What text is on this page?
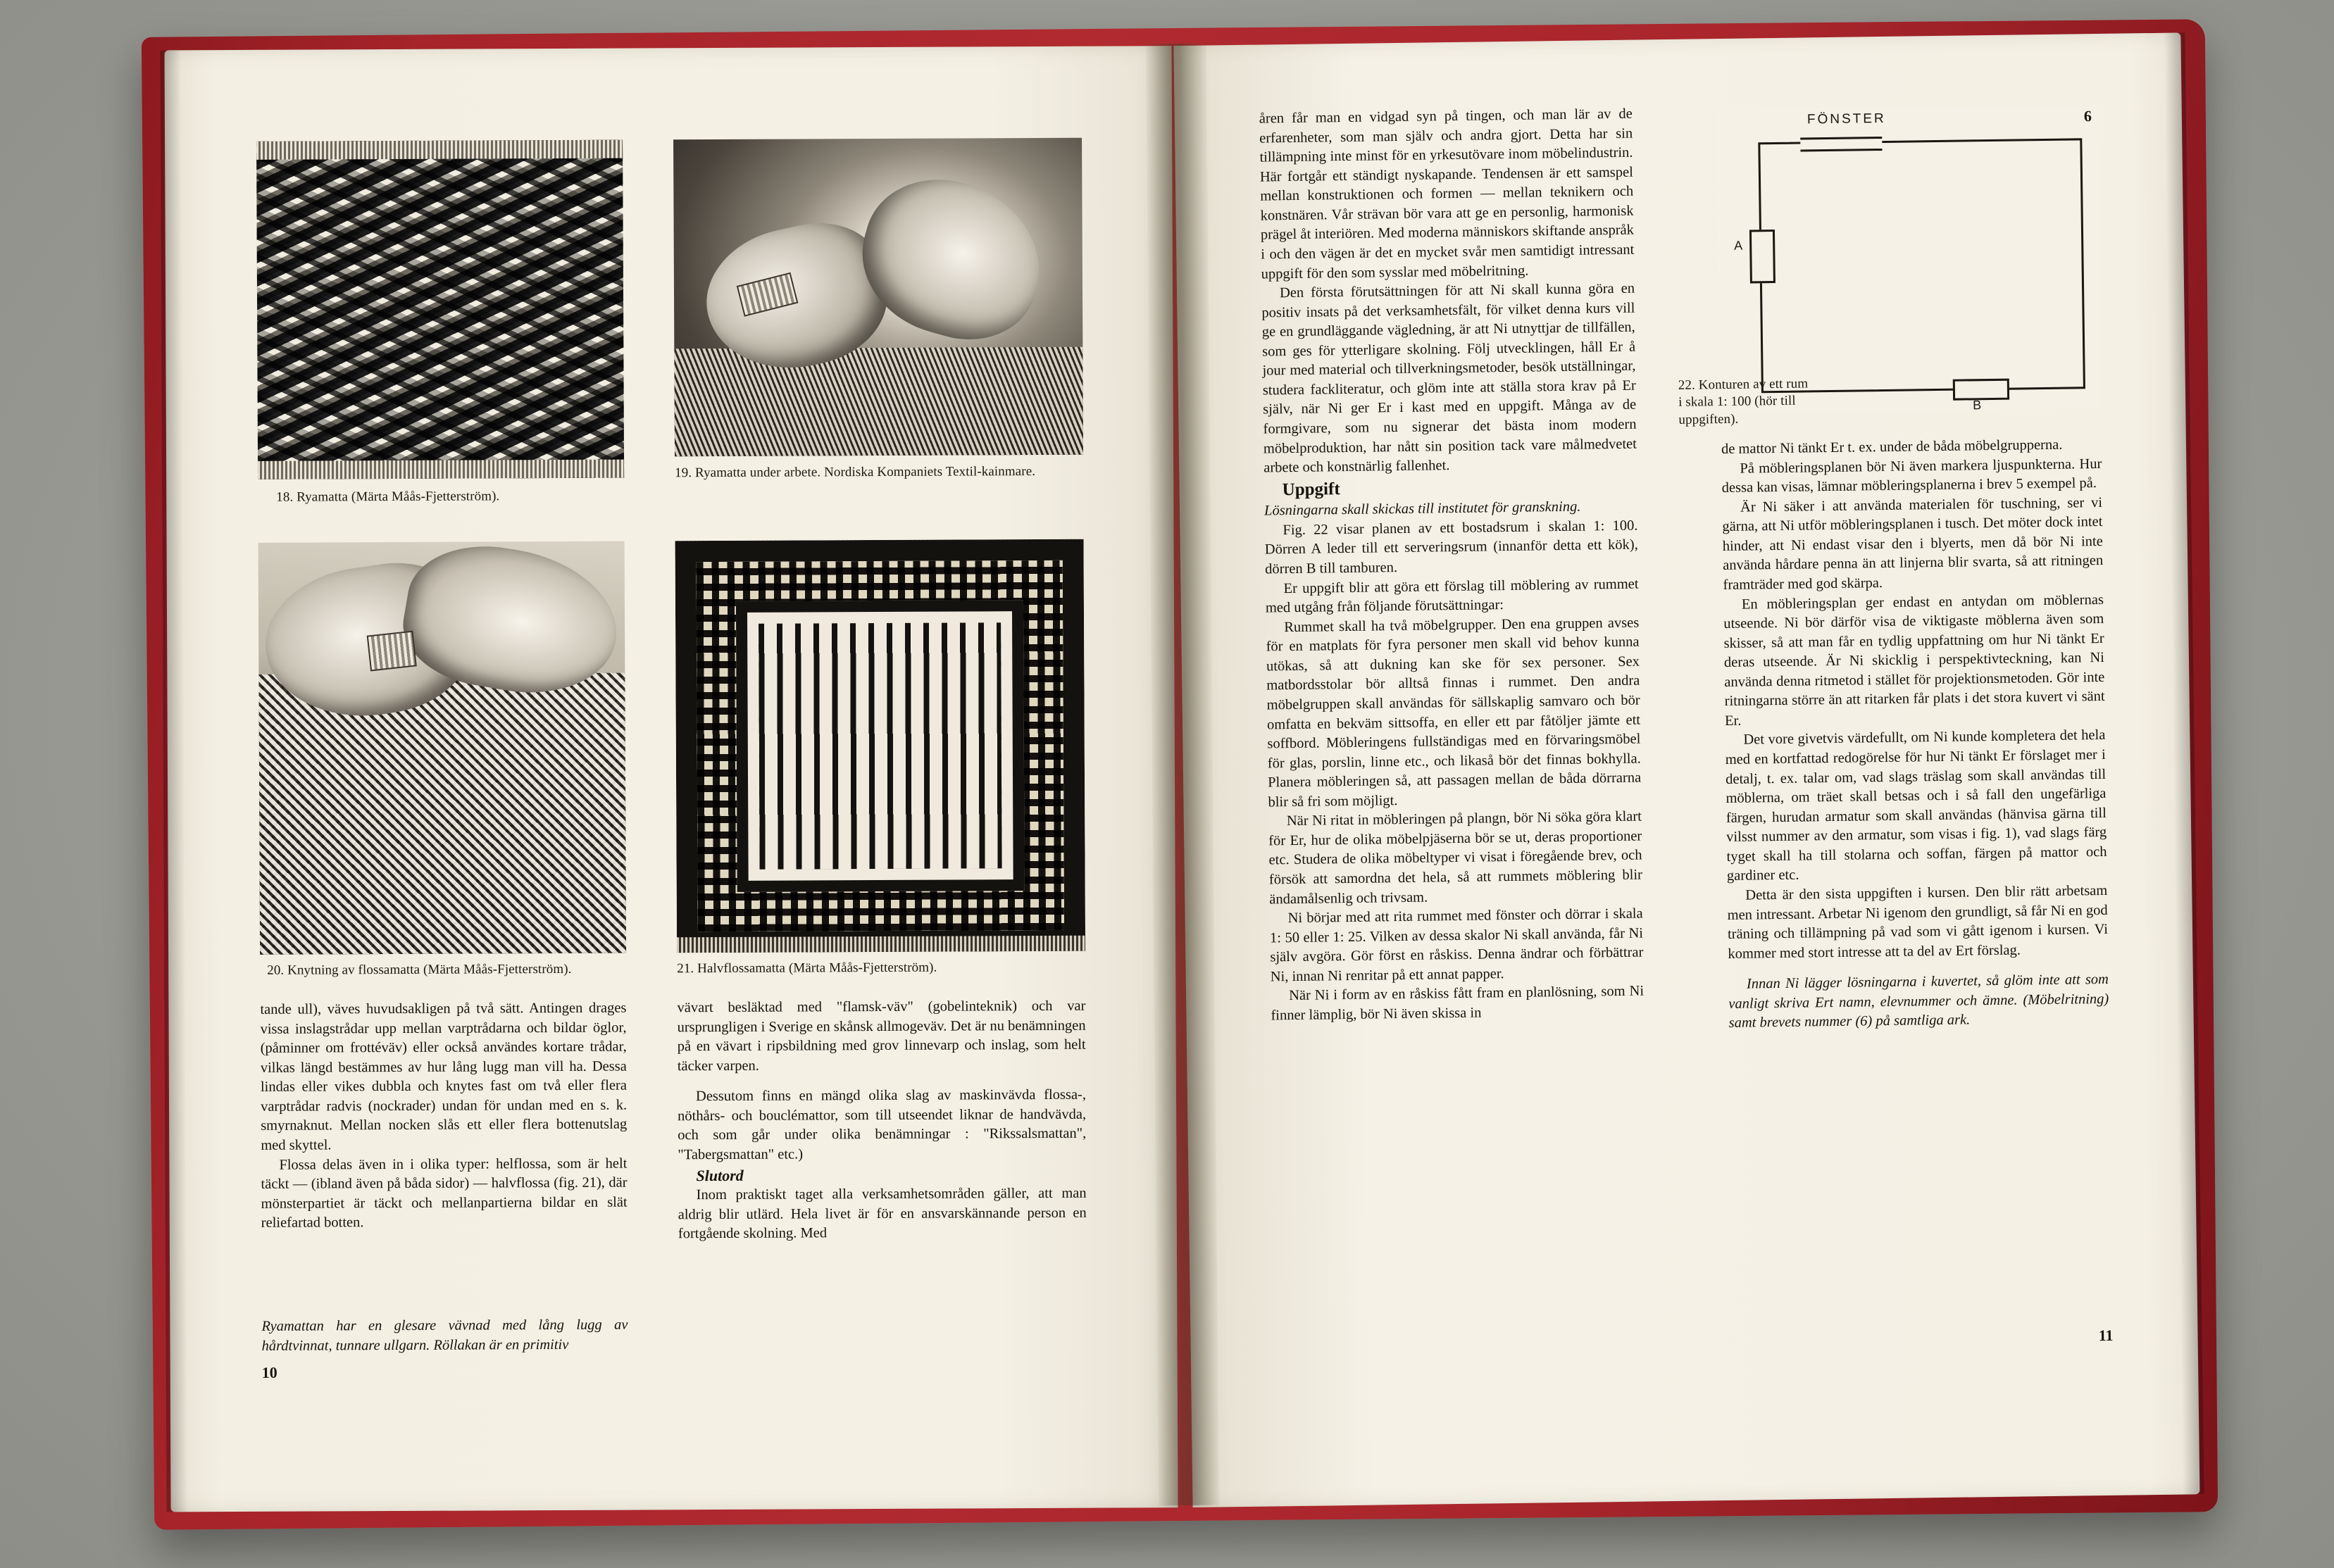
18. Ryamatta (Märta Måås-Fjetterström).
19. Ryamatta under arbete. Nordiska Kompaniets Textil-kainmare.
20. Knytning av flossamatta (Märta Måås-Fjetterström).	21. Halvflossamatta (Märta Måås-Fjetterström).

tande ull), väves huvudsakligen på två sätt. Antingen drages vissa inslagstrådar upp mellan varptrådarna och bildar öglor, (påminner om frottéväv) eller också användes kortare trådar, vilkas längd bestämmes av hur lång lugg man vill ha. Dessa lindas eller vikes dubbla och knytes fast om två eller flera varptrådar radvis (nockrader) undan för undan med en s. k. smyrnaknut. Mellan nocken slås ett eller flera bottenutslag med skyttel.

Flossa delas även in i olika typer: helflossa, som är helt täckt — (ibland även på båda sidor) — halvflossa (fig. 21), där mönsterpartiet är täckt och mellanpartierna bildar en slät reliefartad botten.

Ryamattan har en glesare vävnad med lång lugg av hårdtvinnat, tunnare ullgarn. Röllakan är en primitiv

vävart besläktad med "flamsk-väv" (gobelinteknik) och var ursprungligen i Sverige en skånsk allmogeväv. Det är nu benämningen på en vävart i ripsbildning med grov linnevarp och inslag, som helt täcker varpen.

Dessutom finns en mängd olika slag av maskinvävda flossa-, nöthårs- och bouclémattor, som till utseendet liknar de handvävda, och som går under olika benämningar : "Rikssalsmattan", "Tabergsmattan" etc.)

Slutord

Inom praktiskt taget alla verksamhetsområden gäller, att man aldrig blir utlärd. Hela livet är för en ansvarskännande person en fortgående skolning. Med

10

åren får man en vidgad syn på tingen, och man lär av de erfarenheter, som man själv och andra gjort. Detta har sin tillämpning inte minst för en yrkesutövare inom möbelindustrin. Här fortgår ett ständigt nyskapande. Tendensen är ett samspel mellan konstruktionen och formen — mellan teknikern och konstnären. Vår strävan bör vara att ge en personlig, harmonisk prägel åt interiören. Med moderna människors skiftande anspråk i och den vägen är det en mycket svår men samtidigt intressant uppgift för den som sysslar med möbelritning.

Den första förutsättningen för att Ni skall kunna göra en positiv insats på det verksamhetsfält, för vilket denna kurs vill ge en grundläggande vägledning, är att Ni utnyttjar de tillfällen, som ges för ytterligare skolning. Följ utvecklingen, håll Er å jour med material och tillverkningsmetoder, besök utställningar, studera fackliteratur, och glöm inte att ställa stora krav på Er själv, när Ni ger Er i kast med en uppgift. Många av de formgivare, som nu signerar det bästa inom modern möbelproduktion, har nått sin position tack vare målmedvetet arbete och konstnärlig fallenhet.

Uppgift

Lösningarna skall skickas till institutet för granskning.

Fig. 22 visar planen av ett bostadsrum i skalan 1: 100. Dörren A leder till ett serveringsrum (innanför detta ett kök), dörren B till tamburen.

Er uppgift blir att göra ett förslag till möblering av rummet med utgång från följande förutsättningar:

Rummet skall ha två möbelgrupper. Den ena gruppen avses för en matplats för fyra personer men skall vid behov kunna utökas, så att dukning kan ske för sex personer. Sex matbordsstolar bör alltså finnas i rummet. Den andra möbelgruppen skall användas för sällskaplig samvaro och bör omfatta en bekväm sittsoffa, en eller ett par fåtöljer jämte ett soffbord. Möbleringens fullständigas med en förvaringsmöbel för glas, porslin, linne etc., och likaså bör det finnas bokhylla. Planera möbleringen så, att passagen mellan de båda dörrarna blir så fri som möjligt.

När Ni ritat in möbleringen på plangn, bör Ni söka göra klart för Er, hur de olika möbelpjäserna bör se ut, deras proportioner etc. Studera de olika möbeltyper vi visat i föregående brev, och försök att samordna det hela, så att rummets möblering blir ändamålsenlig och trivsam.

Ni börjar med att rita rummet med fönster och dörrar i skala 1: 50 eller 1: 25. Vilken av dessa skalor Ni skall använda, får Ni själv avgöra. Gör först en råskiss. Denna ändrar och förbättrar Ni, innan Ni renritar på ett annat papper.

När Ni i form av en råskiss fått fram en planlösning, som Ni finner lämplig, bör Ni även skissa in

FÖNSTER	6
A
B
22. Konturen av ett rum i skala 1: 100 (hör till uppgiften).

de mattor Ni tänkt Er t. ex. under de båda möbelgrupperna.

På möbleringsplanen bör Ni även markera ljuspunkterna. Hur dessa kan visas, lämnar möbleringsplanerna i brev 5 exempel på.

Är Ni säker i att använda materialen för tuschning, ser vi gärna, att Ni utför möbleringsplanen i tusch. Det möter dock intet hinder, att Ni endast visar den i blyerts, men då bör Ni inte använda hårdare penna än att linjerna blir svarta, så att ritningen framträder med god skärpa.

En möbleringsplan ger endast en antydan om möblernas utseende. Ni bör därför visa de viktigaste möblerna även som skisser, så att man får en tydlig uppfattning om hur Ni tänkt Er deras utseende. Är Ni skicklig i perspektivteckning, kan Ni använda denna ritmetod i stället för projektionsmetoden. Gör inte ritningarna större än att ritarken får plats i det stora kuvert vi sänt Er.

Det vore givetvis värdefullt, om Ni kunde kompletera det hela med en kortfattad redogörelse för hur Ni tänkt Er förslaget mer i detalj, t. ex. talar om, vad slags träslag som skall användas till möblerna, om träet skall betsas och i så fall den ungefärliga färgen, hurudan armatur som skall användas (hänvisa gärna till vilsst nummer av den armatur, som visas i fig. 1), vad slags färg tyget skall ha till stolarna och soffan, färgen på mattor och gardiner etc.

Detta är den sista uppgiften i kursen. Den blir rätt arbetsam men intressant. Arbetar Ni igenom den grundligt, så får Ni en god träning och tillämpning på vad som vi gått igenom i kursen. Vi kommer med stort intresse att ta del av Ert förslag.

Innan Ni lägger lösningarna i kuvertet, så glöm inte att som vanligt skriva Ert namn, elevnummer och ämne. (Möbelritning) samt brevets nummer (6) på samtliga ark.

11
